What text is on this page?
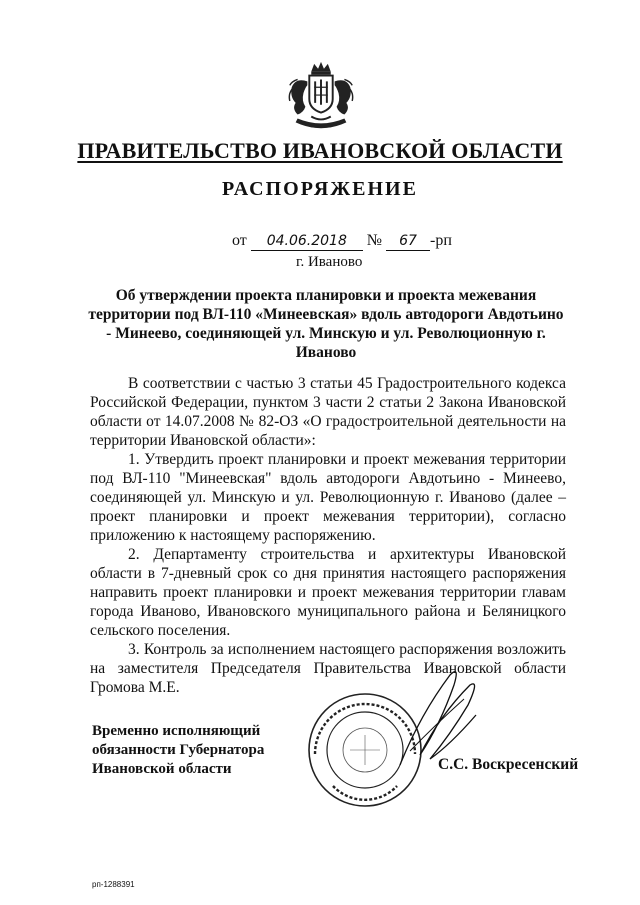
ПРАВИТЕЛЬСТВО ИВАНОВСКОЙ ОБЛАСТИ
РАСПОРЯЖЕНИЕ
от 04.06.2018 № 67 -рп
г. Иваново
Об утверждении проекта планировки и проекта межевания территории под ВЛ-110 «Минеевская» вдоль автодороги Авдотьино - Минеево, соединяющей ул. Минскую и ул. Революционную г. Иваново

В соответствии с частью 3 статьи 45 Градостроительного кодекса Российской Федерации, пунктом 3 части 2 статьи 2 Закона Ивановской области от 14.07.2008 № 82-ОЗ «О градостроительной деятельности на территории Ивановской области»:

1. Утвердить проект планировки и проект межевания территории под ВЛ-110 "Минеевская" вдоль автодороги Авдотьино - Минеево, соединяющей ул. Минскую и ул. Революционную г. Иваново (далее – проект планировки и проект межевания территории), согласно приложению к настоящему распоряжению.

2. Департаменту строительства и архитектуры Ивановской области в 7-дневный срок со дня принятия настоящего распоряжения направить проект планировки и проект межевания территории главам города Иваново, Ивановского муниципального района и Беляницкого сельского поселения.

3. Контроль за исполнением настоящего распоряжения возложить на заместителя Председателя Правительства Ивановской области Громова М.Е.

Временно исполняющий обязанности Губернатора Ивановской области	С.С. Воскресенский
рп-1288391
